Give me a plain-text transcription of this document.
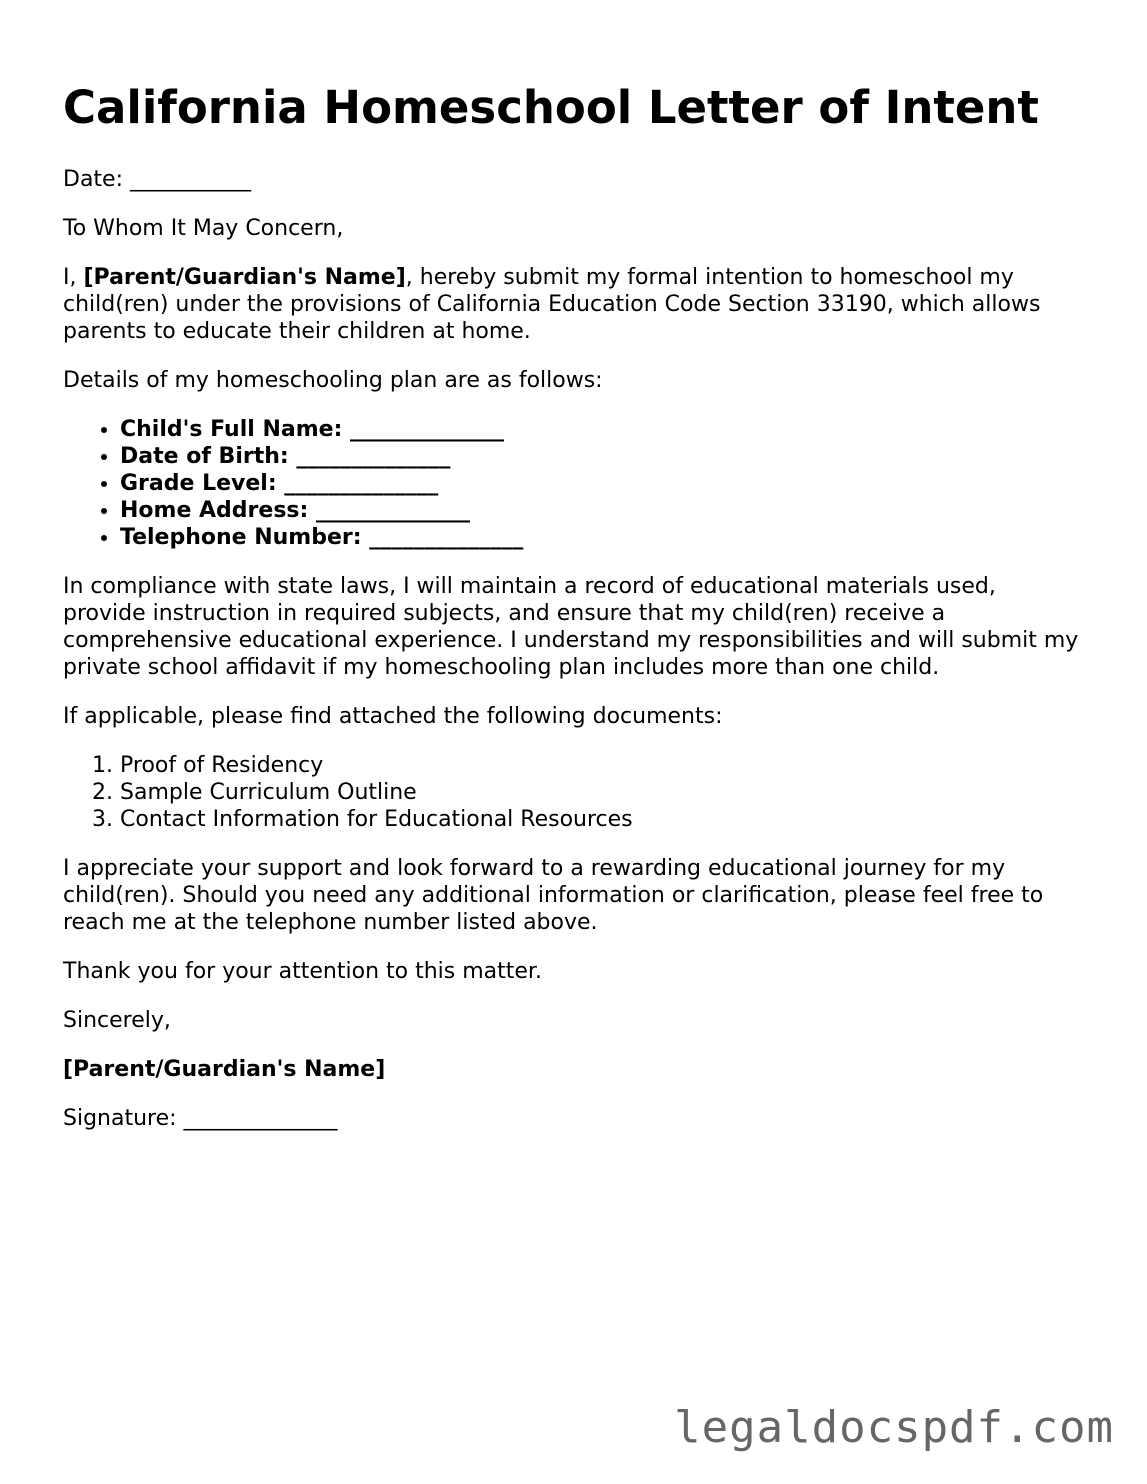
California Homeschool Letter of Intent

Date: ___________

To Whom It May Concern,

I, [Parent/Guardian's Name], hereby submit my formal intention to homeschool my child(ren) under the provisions of California Education Code Section 33190, which allows parents to educate their children at home.

Details of my homeschooling plan are as follows:

• Child's Full Name: ______________
• Date of Birth: ______________
• Grade Level: ______________
• Home Address: ______________
• Telephone Number: ______________

In compliance with state laws, I will maintain a record of educational materials used, provide instruction in required subjects, and ensure that my child(ren) receive a comprehensive educational experience. I understand my responsibilities and will submit my private school affidavit if my homeschooling plan includes more than one child.

If applicable, please find attached the following documents:

1. Proof of Residency
2. Sample Curriculum Outline
3. Contact Information for Educational Resources

I appreciate your support and look forward to a rewarding educational journey for my child(ren). Should you need any additional information or clarification, please feel free to reach me at the telephone number listed above.

Thank you for your attention to this matter.

Sincerely,

[Parent/Guardian's Name]

Signature: ______________

legaldocspdf.com
